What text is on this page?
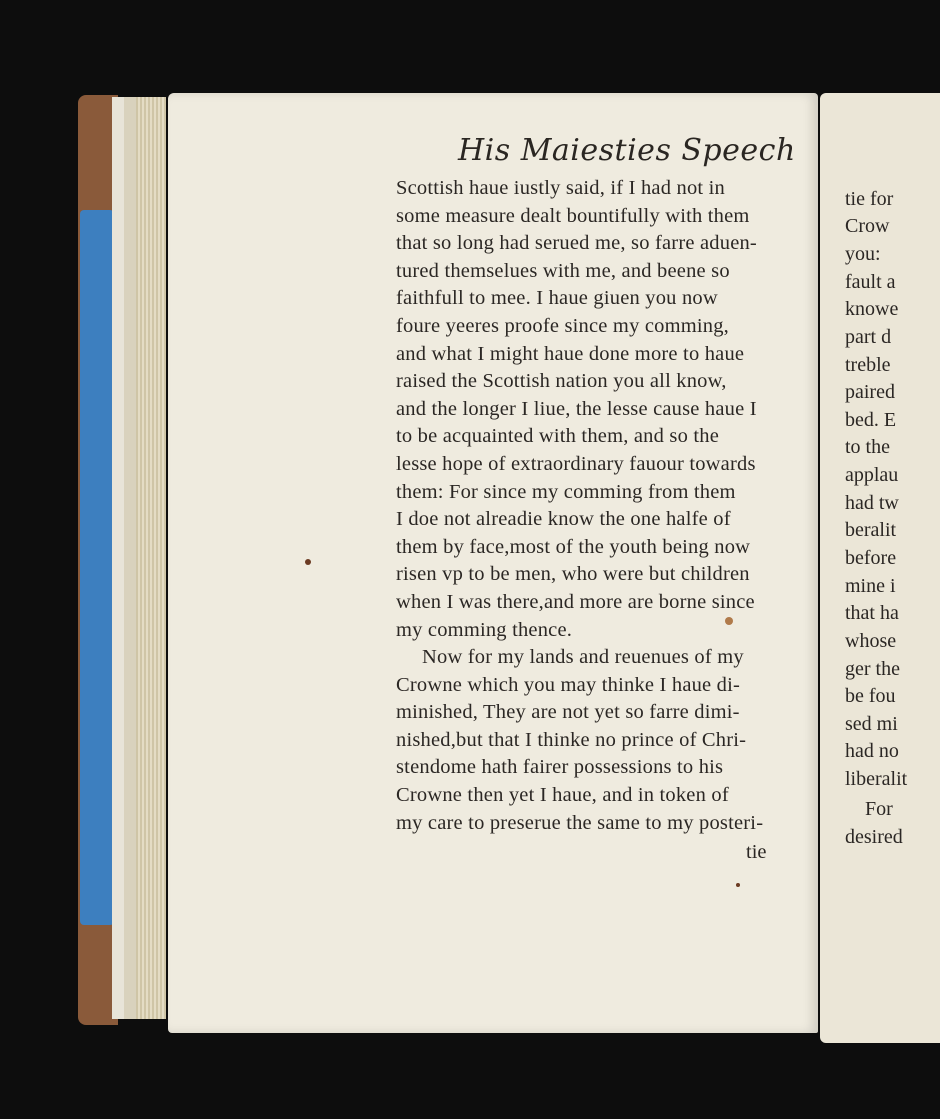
His Maiesties Speech
Scottish haue iustly said, if I had not in
some measure dealt bountifully with them
that so long had serued me, so farre aduen-
tured themselues with me, and beene so
faithfull to mee. I haue giuen you now
foure yeeres proofe since my comming,
and what I might haue done more to haue
raised the Scottish nation you all know,
and the longer I liue, the lesse cause haue I
to be acquainted with them, and so the
lesse hope of extraordinary fauour towards
them: For since my comming from them
I doe not alreadie know the one halfe of
them by face,most of the youth being now
risen vp to be men, who were but children
when I was there,and more are borne since
my comming thence.
Now for my lands and reuenues of my
Crowne which you may thinke I haue di-
minished, They are not yet so farre dimi-
nished,but that I thinke no prince of Chri-
stendome hath fairer possessions to his
Crowne then yet I haue, and in token of
my care to preserue the same to my posteri-
tie
tie for
Crow
you:
fault a
knowe
part d
treble
paired
bed. E
to the
applau
had tw
beralit
before
mine i
that ha
whose
ger the
be fou
sed mi
had no
liberalit
For
desired
